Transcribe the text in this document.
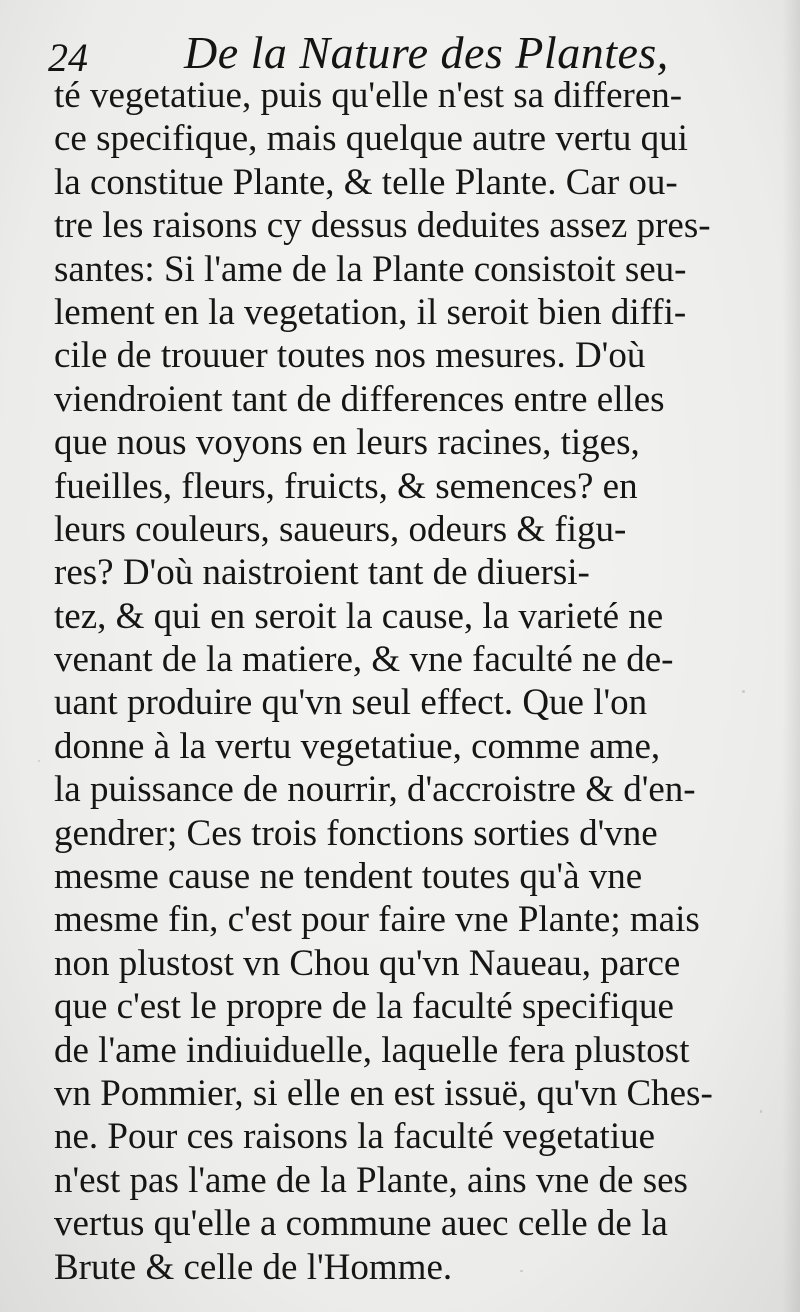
24 De la Nature des Plantes,
té vegetatiue, puis qu'elle n'est sa differen-
ce specifique, mais quelque autre vertu qui
la constitue Plante, & telle Plante. Car ou-
tre les raisons cy dessus deduites assez pres-
santes: Si l'ame de la Plante consistoit seu-
lement en la vegetation, il seroit bien diffi-
cile de trouuer toutes nos mesures. D'où
viendroient tant de differences entre elles
que nous voyons en leurs racines, tiges,
fueilles, fleurs, fruicts, & semences? en
leurs couleurs, saueurs, odeurs & figu-
res? D'où naistroient tant de diuersi-
tez, & qui en seroit la cause, la varieté ne
venant de la matiere, & vne faculté ne de-
uant produire qu'vn seul effect. Que l'on
donne à la vertu vegetatiue, comme ame,
la puissance de nourrir, d'accroistre & d'en-
gendrer; Ces trois fonctions sorties d'vne
mesme cause ne tendent toutes qu'à vne
mesme fin, c'est pour faire vne Plante; mais
non plustost vn Chou qu'vn Naueau, parce
que c'est le propre de la faculté specifique
de l'ame indiuiduelle, laquelle fera plustost
vn Pommier, si elle en est issuë, qu'vn Ches-
ne. Pour ces raisons la faculté vegetatiue
n'est pas l'ame de la Plante, ains vne de ses
vertus qu'elle a commune auec celle de la
Brute & celle de l'Homme.
